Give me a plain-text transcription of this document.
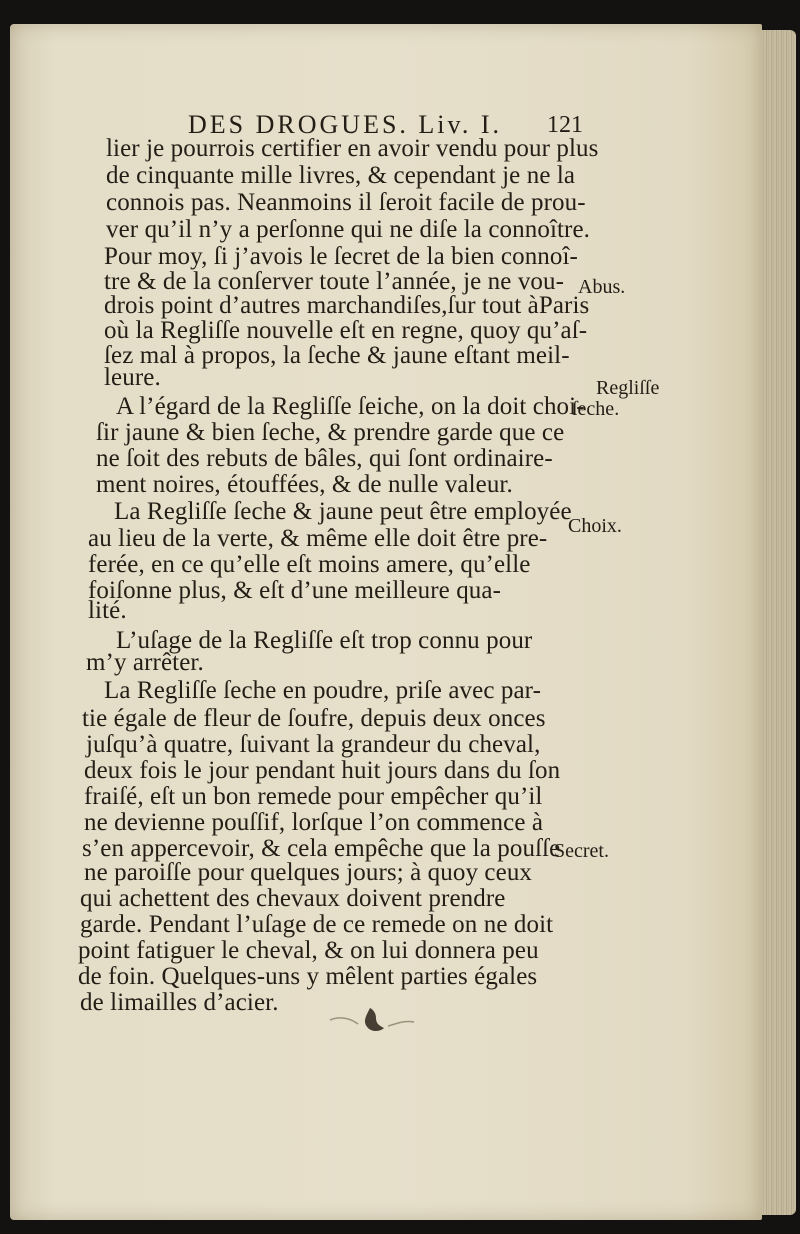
DES DROGUES. Liv. I. 121

lier je pourrois certifier en avoir vendu pour plus

de cinquante mille livres, & cependant je ne la

connois pas. Neanmoins il ſeroit facile de prou-

ver qu’il n’y a perſonne qui ne diſe la connoître.

Pour moy, ſi j’avois le ſecret de la bien connoî-

tre & de la conſerver toute l’année, je ne vou-

drois point d’autres marchandiſes,ſur tout àParis

où la Regliſſe nouvelle eſt en regne, quoy qu’aſ-

ſez mal à propos, la ſeche & jaune eſtant meil-

leure.

A l’égard de la Regliſſe ſeiche, on la doit choi-

ſir jaune & bien ſeche, & prendre garde que ce

ne ſoit des rebuts de bâles, qui ſont ordinaire-

ment noires, étouffées, & de nulle valeur.

La Regliſſe ſeche & jaune peut être employée

au lieu de la verte, & même elle doit être pre-

ferée, en ce qu’elle eſt moins amere, qu’elle

foiſonne plus, & eſt d’une meilleure qua-

lité.

L’uſage de la Regliſſe eſt trop connu pour

m’y arrêter.

La Regliſſe ſeche en poudre, priſe avec par-

tie égale de fleur de ſoufre, depuis deux onces

juſqu’à quatre, ſuivant la grandeur du cheval,

deux fois le jour pendant huit jours dans du ſon

fraiſé, eſt un bon remede pour empêcher qu’il

ne devienne pouſſif, lorſque l’on commence à

s’en appercevoir, & cela empêche que la pouſſe

ne paroiſſe pour quelques jours; à quoy ceux

qui achettent des chevaux doivent prendre

garde. Pendant l’uſage de ce remede on ne doit

point fatiguer le cheval, & on lui donnera peu

de foin. Quelques-uns y mêlent parties égales

de limailles d’acier.

Abus.
Regliſſe
ſeche.
Choix.
Secret.
